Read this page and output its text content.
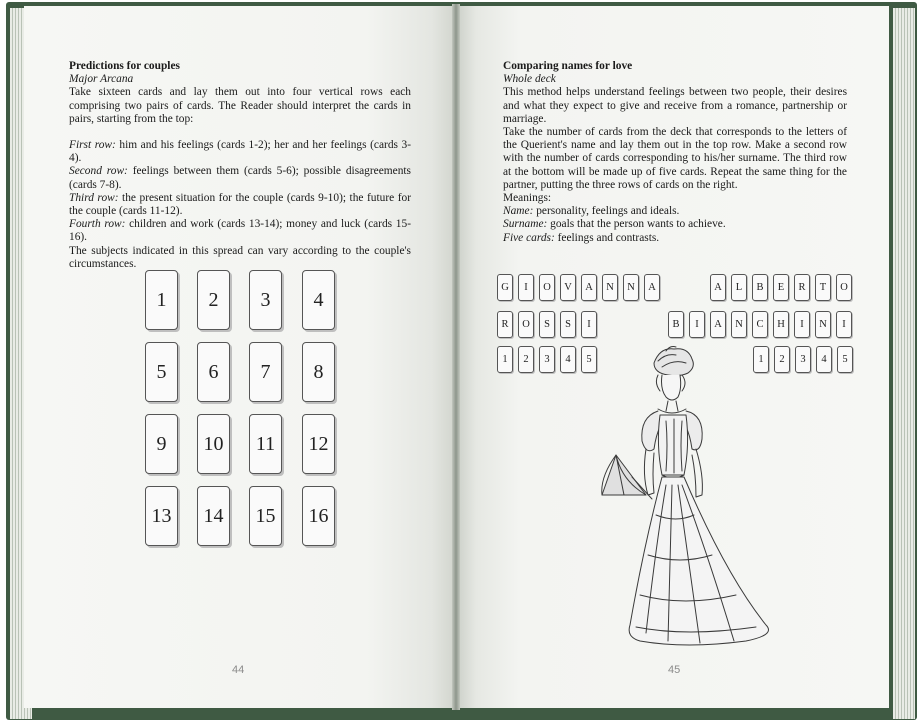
Predictions for couples
Major Arcana

Take sixteen cards and lay them out into four vertical rows each comprising two pairs of cards. The Reader should interpret the cards in pairs, starting from the top:

First row: him and his feelings (cards 1-2); her and her feelings (cards 3-4).

Second row: feelings between them (cards 5-6); possible disagreements (cards 7-8).

Third row: the present situation for the couple (cards 9-10); the future for the couple (cards 11-12).

Fourth row: children and work (cards 13-14); money and luck (cards 15-16).

The subjects indicated in this spread can vary according to the couple's circumstances.

1	2	3	4
5	6	7	8
9	10	11	12
13	14	15	16
44
Comparing names for love
Whole deck

This method helps understand feelings between two people, their desires and what they expect to give and receive from a romance, partnership or marriage.

Take the number of cards from the deck that corresponds to the letters of the Querient's name and lay them out in the top row. Make a second row with the number of cards corresponding to his/her surname. The third row at the bottom will be made up of five cards. Repeat the same thing for the partner, putting the three rows of cards on the right.

Meanings:
Name: personality, feelings and ideals.
Surname: goals that the person wants to achieve.
Five cards: feelings and contrasts.
G	I	O	V	A	N	N	A	A	L	B	E	R	T	O
R	O	S	S	I	B	I	A	N	C	H	I	N	I
1	2	3	4	5	1	2	3	4	5
45
